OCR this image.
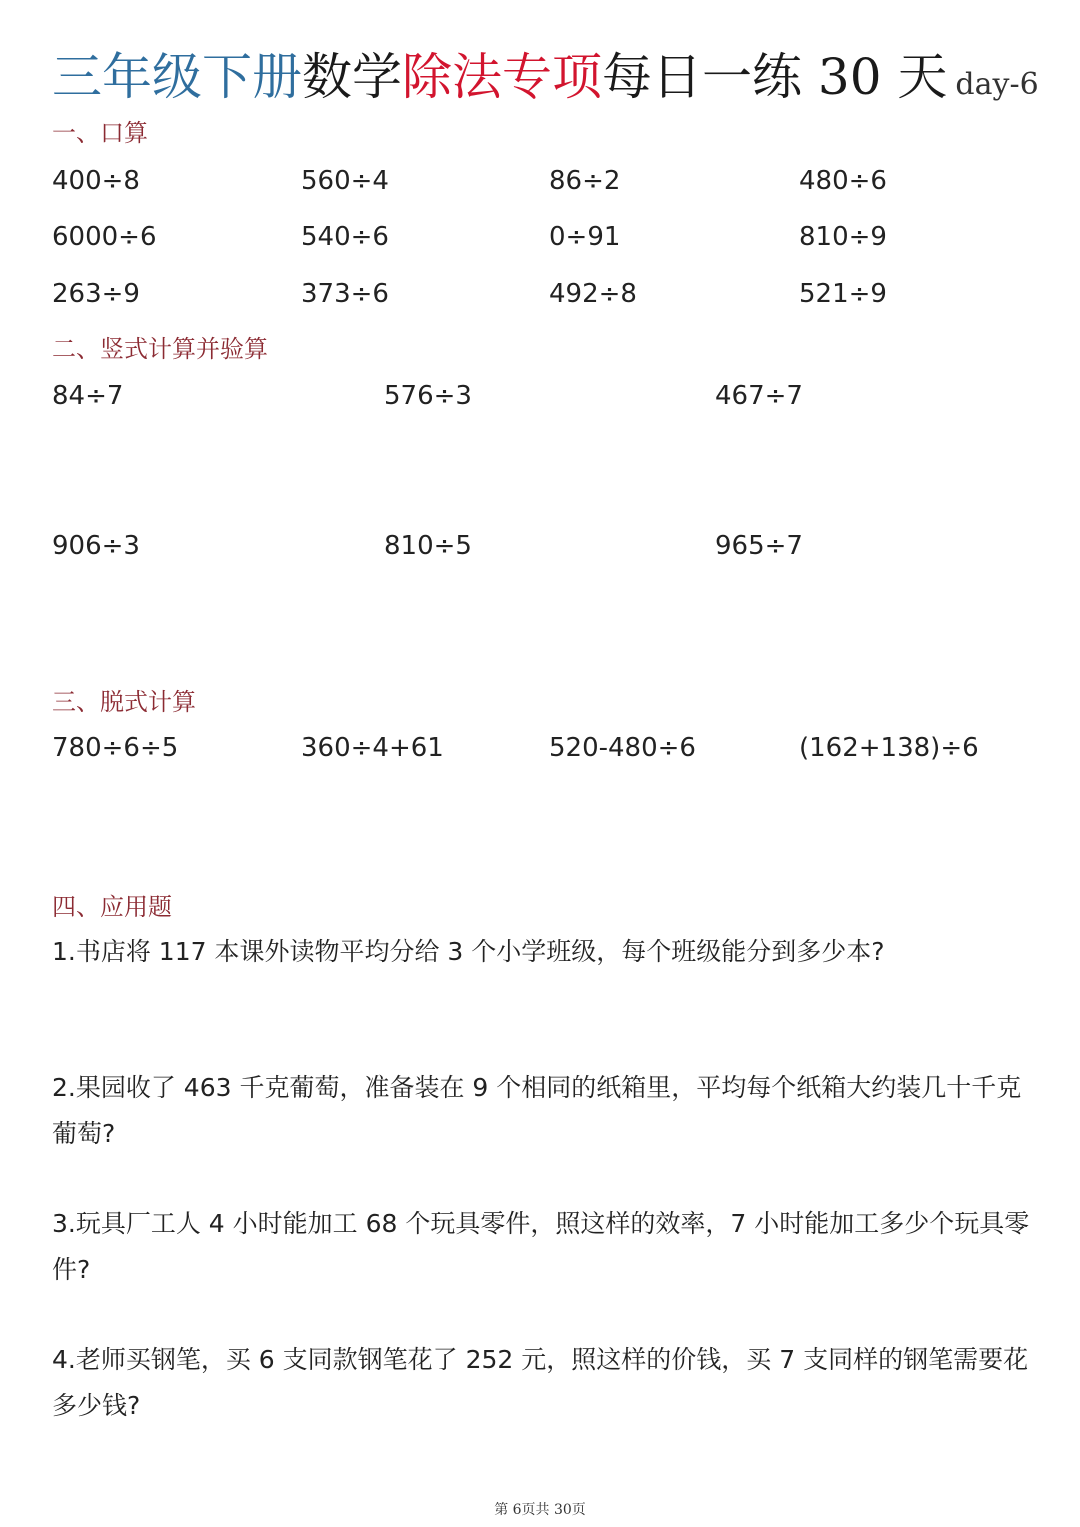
三年级下册数学除法专项每日一练 30 天 day-6
一、口算
400÷8	560÷4	86÷2	480÷6
6000÷6	540÷6	0÷91	810÷9
263÷9	373÷6	492÷8	521÷9
二、竖式计算并验算
84÷7	576÷3	467÷7
906÷3	810÷5	965÷7
三、脱式计算
780÷6÷5	360÷4+61	520-480÷6	(162+138)÷6
四、应用题
1.书店将 117 本课外读物平均分给 3 个小学班级，每个班级能分到多少本?
2.果园收了 463 千克葡萄，准备装在 9 个相同的纸箱里，平均每个纸箱大约装几十千克葡萄?
3.玩具厂工人 4 小时能加工 68 个玩具零件，照这样的效率，7 小时能加工多少个玩具零件?
4.老师买钢笔，买 6 支同款钢笔花了 252 元，照这样的价钱，买 7 支同样的钢笔需要花多少钱?
第 6页共 30页
